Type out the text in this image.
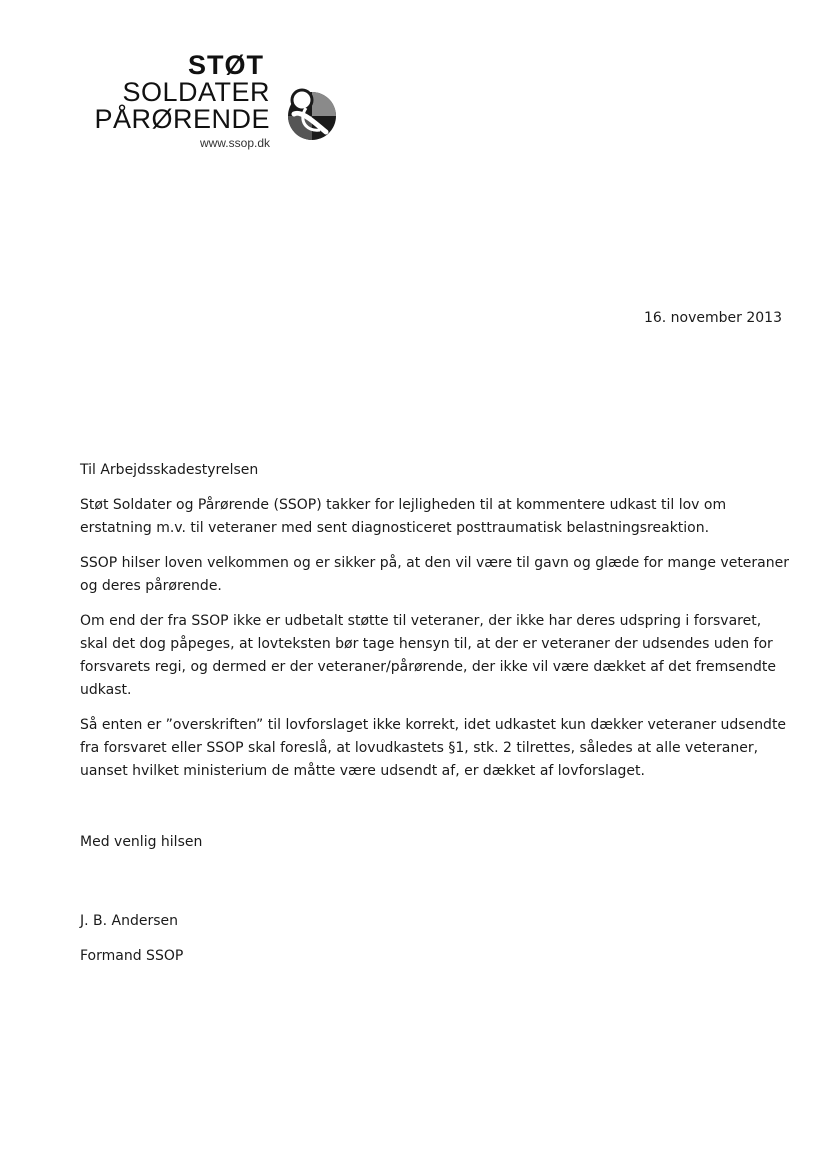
STØT
SOLDATER
PÅRØRENDE
www.ssop.dk
16. november 2013

Til Arbejdsskadestyrelsen

Støt Soldater og Pårørende (SSOP) takker for lejligheden til at kommentere udkast til lov om erstatning m.v. til veteraner med sent diagnosticeret posttraumatisk belastningsreaktion.

SSOP hilser loven velkommen og er sikker på, at den vil være til gavn og glæde for mange veteraner og deres pårørende.

Om end der fra SSOP ikke er udbetalt støtte til veteraner, der ikke har deres udspring i forsvaret, skal det dog påpeges, at lovteksten bør tage hensyn til, at der er veteraner der udsendes uden for forsvarets regi, og dermed er der veteraner/pårørende, der ikke vil være dækket af det fremsendte udkast.

Så enten er ”overskriften” til lovforslaget ikke korrekt, idet udkastet kun dækker veteraner udsendte fra forsvaret eller SSOP skal foreslå, at lovudkastets §1, stk. 2 tilrettes, således at alle veteraner, uanset hvilket ministerium de måtte være udsendt af, er dækket af lovforslaget.

Med venlig hilsen

J. B. Andersen

Formand SSOP
